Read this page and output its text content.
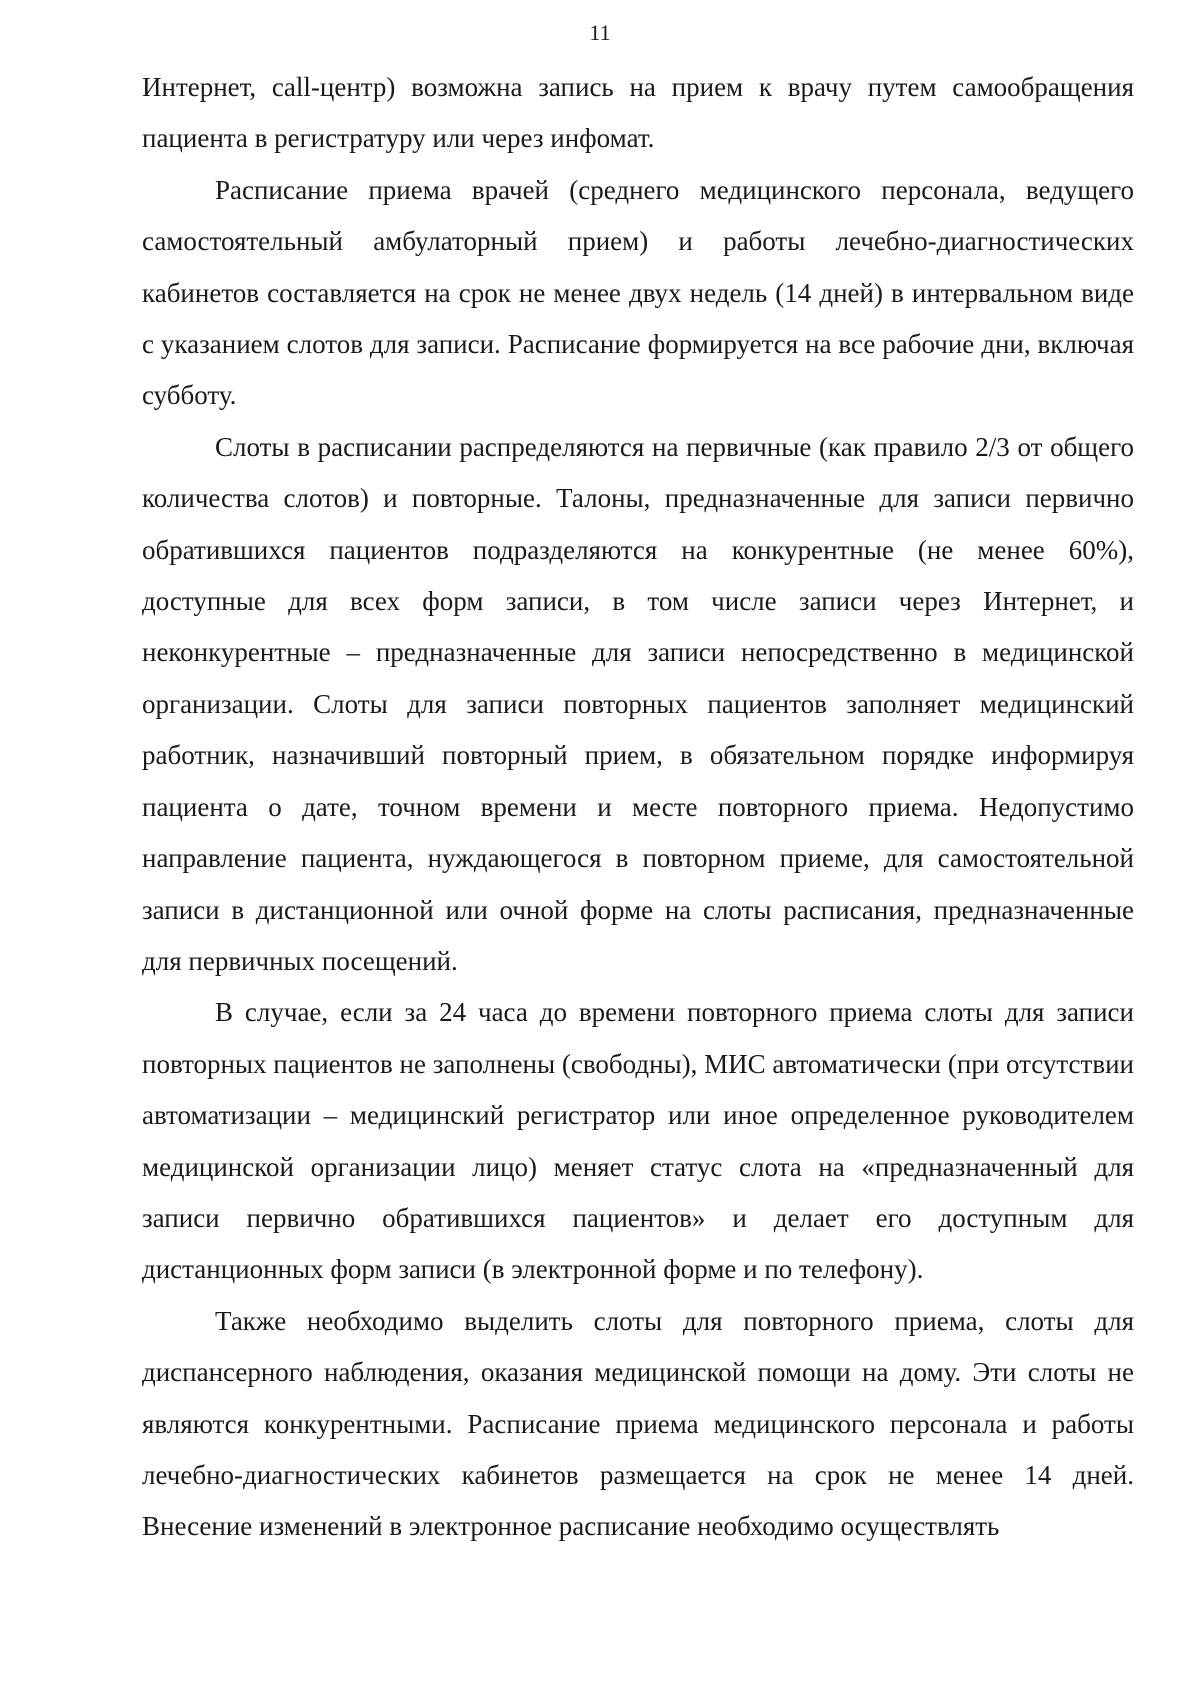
11

Интернет, call-центр) возможна запись на прием к врачу путем самообращения пациента в регистратуру или через инфомат.

Расписание приема врачей (среднего медицинского персонала, ведущего самостоятельный амбулаторный прием) и работы лечебно-диагностических кабинетов составляется на срок не менее двух недель (14 дней) в интервальном виде с указанием слотов для записи. Расписание формируется на все рабочие дни, включая субботу.

Слоты в расписании распределяются на первичные (как правило 2/3 от общего количества слотов) и повторные. Талоны, предназначенные для записи первично обратившихся пациентов подразделяются на конкурентные (не менее 60%), доступные для всех форм записи, в том числе записи через Интернет, и неконкурентные – предназначенные для записи непосредственно в медицинской организации. Слоты для записи повторных пациентов заполняет медицинский работник, назначивший повторный прием, в обязательном порядке информируя пациента о дате, точном времени и месте повторного приема. Недопустимо направление пациента, нуждающегося в повторном приеме, для самостоятельной записи в дистанционной или очной форме на слоты расписания, предназначенные для первичных посещений.

В случае, если за 24 часа до времени повторного приема слоты для записи повторных пациентов не заполнены (свободны), МИС автоматически (при отсутствии автоматизации – медицинский регистратор или иное определенное руководителем медицинской организации лицо) меняет статус слота на «предназначенный для записи первично обратившихся пациентов» и делает его доступным для дистанционных форм записи (в электронной форме и по телефону).

Также необходимо выделить слоты для повторного приема, слоты для диспансерного наблюдения, оказания медицинской помощи на дому. Эти слоты не являются конкурентными. Расписание приема медицинского персонала и работы лечебно-диагностических кабинетов размещается на срок не менее 14 дней. Внесение изменений в электронное расписание необходимо осуществлять
